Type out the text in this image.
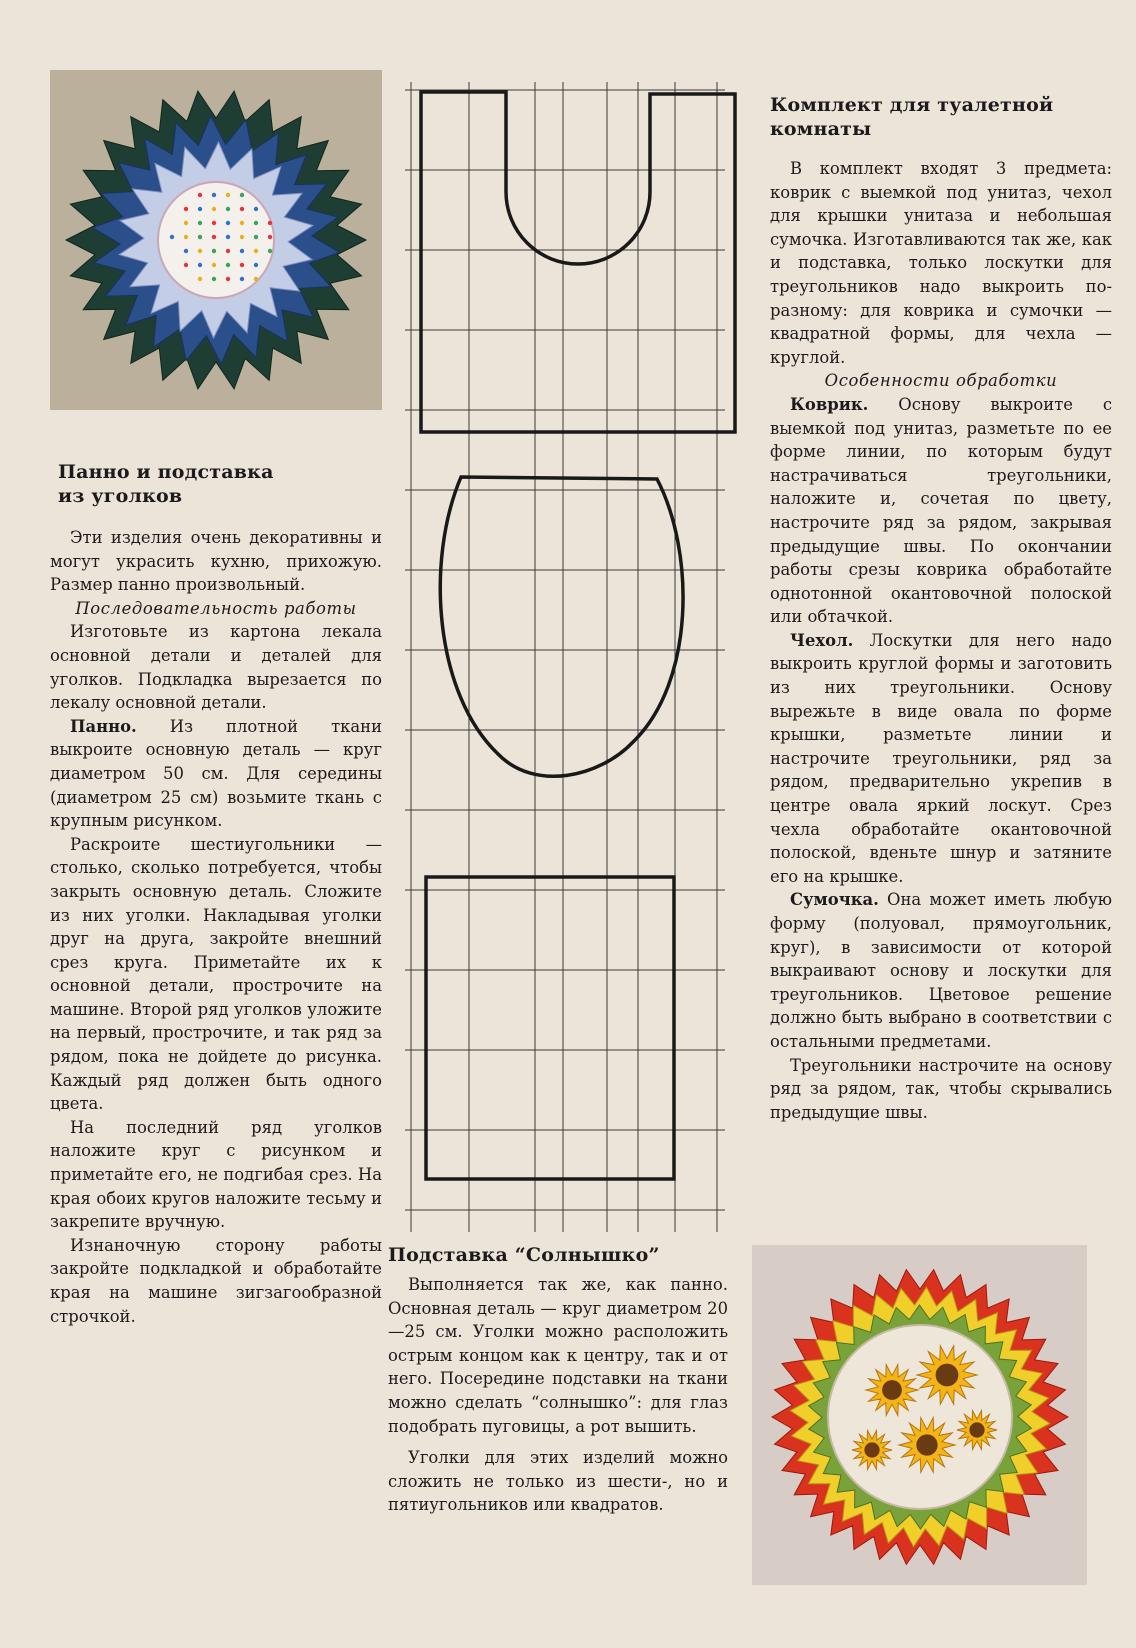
Панно и подставка из уголков

Эти изделия очень декоративны и могут украсить кухню, прихожую. Размер панно произвольный.

Последовательность работы

Изготовьте из картона лекала основной детали и деталей для уголков. Подкладка вырезается по лекалу основной детали.

Панно. Из плотной ткани выкроите основную деталь — круг диаметром 50 см. Для середины (диаметром 25 см) возьмите ткань с крупным рисунком.

Раскроите шестиугольники — столько, сколько потребуется, чтобы закрыть основную деталь. Сложите из них уголки. Накладывая уголки друг на друга, закройте внешний срез круга. Приметайте их к основной детали, прострочите на машине. Второй ряд уголков уложите на первый, прострочите, и так ряд за рядом, пока не дойдете до рисунка. Каждый ряд должен быть одного цвета.

На последний ряд уголков наложите круг с рисунком и приметайте его, не подгибая срез. На края обоих кругов наложите тесьму и закрепите вручную.

Изнаночную сторону работы закройте подкладкой и обработайте края на машине зигзагообразной строчкой.

Подставка “Солнышко”

Выполняется так же, как панно. Основная деталь — круг диаметром 20—25 см. Уголки можно расположить острым концом как к центру, так и от него. Посередине подставки на ткани можно сделать “солнышко”: для глаз подобрать пуговицы, а рот вышить.

Уголки для этих изделий можно сложить не только из шести-, но и пятиугольников или квадратов.

Комплект для туалетной комнаты

В комплект входят 3 предмета: коврик с выемкой под унитаз, чехол для крышки унитаза и небольшая сумочка. Изготавливаются так же, как и подставка, только лоскутки для треугольников надо выкроить по-разному: для коврика и сумочки — квадратной формы, для чехла — круглой.

Особенности обработки

Коврик. Основу выкроите с выемкой под унитаз, разметьте по ее форме линии, по которым будут настрачиваться треугольники, наложите и, сочетая по цвету, настрочите ряд за рядом, закрывая предыдущие швы. По окончании работы срезы коврика обработайте однотонной окантовочной полоской или обтачкой.

Чехол. Лоскутки для него надо выкроить круглой формы и заготовить из них треугольники. Основу вырежьте в виде овала по форме крышки, разметьте линии и настрочите треугольники, ряд за рядом, предварительно укрепив в центре овала яркий лоскут. Срез чехла обработайте окантовочной полоской, вденьте шнур и затяните его на крышке.

Сумочка. Она может иметь любую форму (полуовал, прямоугольник, круг), в зависимости от которой выкраивают основу и лоскутки для треугольников. Цветовое решение должно быть выбрано в соответствии с остальными предметами.

Треугольники настрочите на основу ряд за рядом, так, чтобы скрывались предыдущие швы.
